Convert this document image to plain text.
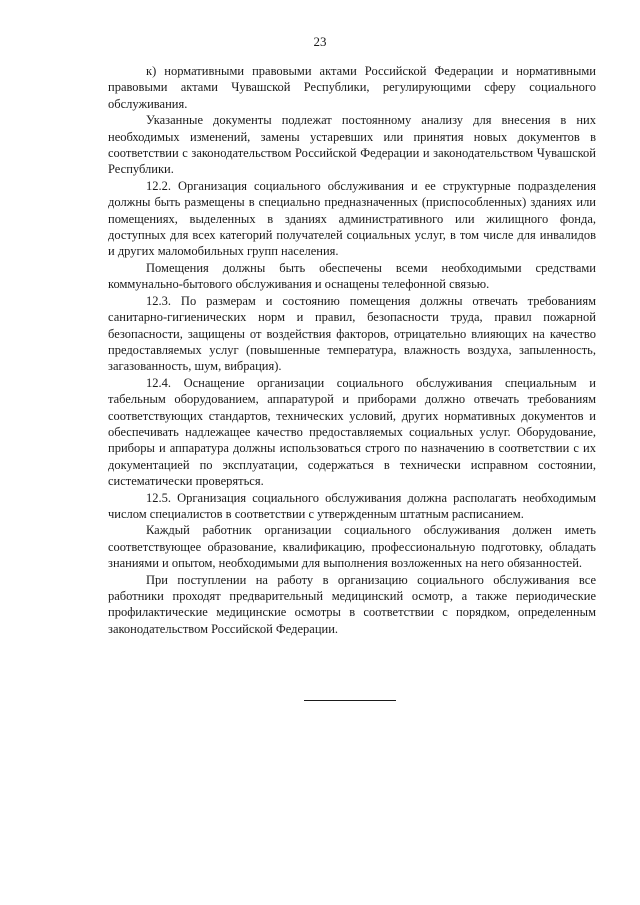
23

к) нормативными правовыми актами Российской Федерации и нормативными правовыми актами Чувашской Республики, регулирующими сферу социального обслуживания.

Указанные документы подлежат постоянному анализу для внесения в них необходимых изменений, замены устаревших или принятия новых документов в соответствии с законодательством Российской Федерации и законодательством Чувашской Республики.

12.2. Организация социального обслуживания и ее структурные подразделения должны быть размещены в специально предназначенных (приспособленных) зданиях или помещениях, выделенных в зданиях административного или жилищного фонда, доступных для всех категорий получателей социальных услуг, в том числе для инвалидов и других маломобильных групп населения.

Помещения должны быть обеспечены всеми необходимыми средствами коммунально-бытового обслуживания и оснащены телефонной связью.

12.3. По размерам и состоянию помещения должны отвечать требованиям санитарно-гигиенических норм и правил, безопасности труда, правил пожарной безопасности, защищены от воздействия факторов, отрицательно влияющих на качество предоставляемых услуг (повышенные температура, влажность воздуха, запыленность, загазованность, шум, вибрация).

12.4. Оснащение организации социального обслуживания специальным и табельным оборудованием, аппаратурой и приборами должно отвечать требованиям соответствующих стандартов, технических условий, других нормативных документов и обеспечивать надлежащее качество предоставляемых социальных услуг. Оборудование, приборы и аппаратура должны использоваться строго по назначению в соответствии с их документацией по эксплуатации, содержаться в технически исправном состоянии, систематически проверяться.

12.5. Организация социального обслуживания должна располагать необходимым числом специалистов в соответствии с утвержденным штатным расписанием.

Каждый работник организации социального обслуживания должен иметь соответствующее образование, квалификацию, профессиональную подготовку, обладать знаниями и опытом, необходимыми для выполнения возложенных на него обязанностей.

При поступлении на работу в организацию социального обслуживания все работники проходят предварительный медицинский осмотр, а также периодические профилактические медицинские осмотры в соответствии с порядком, определенным законодательством Российской Федерации.
